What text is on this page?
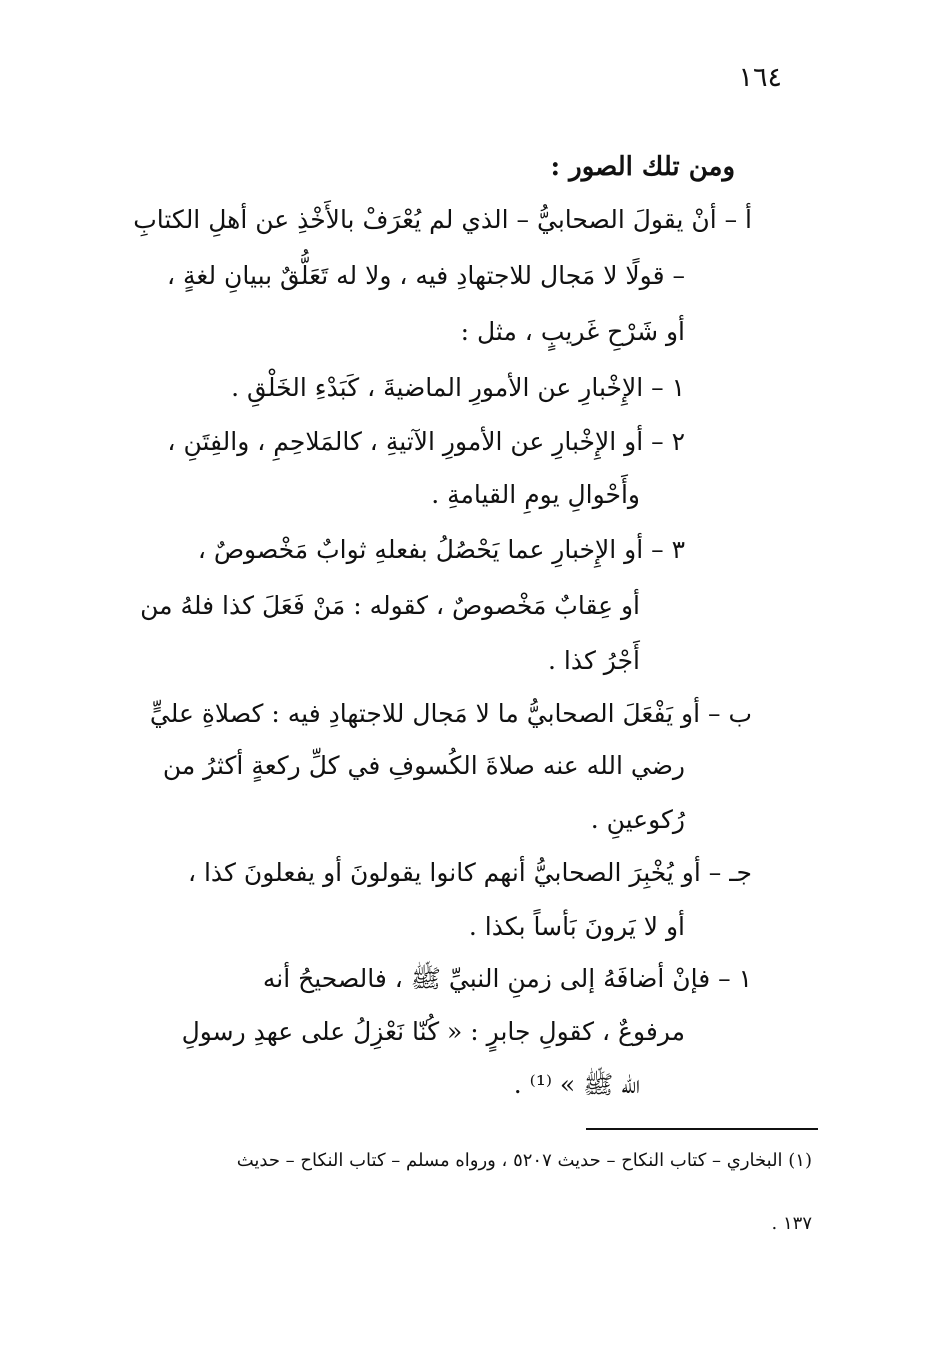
١٦٤
ومن تلك الصور :
أ – أنْ يقولَ الصحابيُّ – الذي لم يُعْرَفْ بالأَخْذِ عن أهلِ الكتابِ
– قولًا لا مَجال للاجتهادِ فيه ، ولا له تَعَلُّقٌ ببيانِ لغةٍ ،
أو شَرْحِ غَريبٍ ، مثل :
١ – الإِخْبارِ عن الأمورِ الماضيةَ ، كَبَدْءِ الخَلْقِ .
٢ – أو الإِخْبارِ عن الأمورِ الآتيةِ ، كالمَلاحِمِ ، والفِتَنِ ،
وأَحْوالِ يومِ القيامةِ .
٣ – أو الإِخبارِ عما يَحْصُلُ بفعلهِ ثوابٌ مَخْصوصٌ ،
أو عِقابٌ مَخْصوصٌ ، كقوله : مَنْ فَعَلَ كذا فلهُ من
أَجْرُ كذا .
ب – أو يَفْعَلَ الصحابيُّ ما لا مَجال للاجتهادِ فيه : كصلاةِ عليٍّ
رضي الله عنه صلاةَ الكُسوفِ في كلِّ ركعةٍ أكثرُ من
رُكوعينِ .
جـ – أو يُخْبِرَ الصحابيُّ أنهم كانوا يقولونَ أو يفعلونَ كذا ،
أو لا يَرونَ بَأساً بكذا .
١ – فإنْ أضافَهُ إلى زمنِ النبيِّ ﷺ ، فالصحيحُ أنه
مرفوعٌ ، كقولِ جابرٍ : « كُنّا نَعْزِلُ على عهدِ رسولِ
الله ﷺ » ⁽¹⁾ .
(١) البخاري – كتاب النكاح – حديث ٥٢٠٧ ، ورواه مسلم – كتاب النكاح – حديث
١٣٧ .
